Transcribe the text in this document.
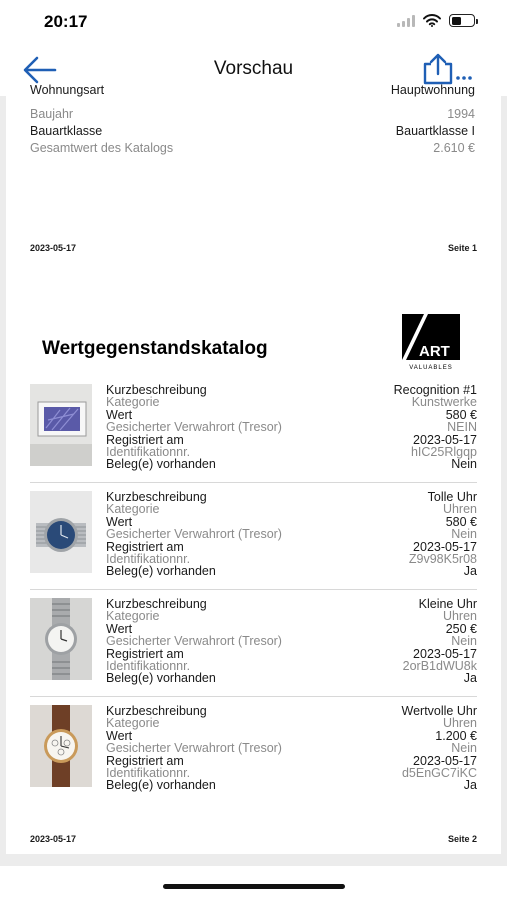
20:17
Vorschau
Wohnungsart	Hauptwohnung
Baujahr	1994
Bauartklasse	Bauartklasse I
Gesamtwert des Katalogs	2.610 €
2023-05-17	Seite 1
Wertgegenstandskatalog	ART
VALUABLES
Kurzbeschreibung	Recognition #1
Kategorie	Kunstwerke
Wert	580 €
Gesicherter Verwahrort (Tresor)	NEIN
Registriert am	2023-05-17
Identifikationnr.	hIC25Rlgqp
Beleg(e) vorhanden	Nein
Kurzbeschreibung	Tolle Uhr
Kategorie	Uhren
Wert	580 €
Gesicherter Verwahrort (Tresor)	Nein
Registriert am	2023-05-17
Identifikationnr.	Z9v98K5r08
Beleg(e) vorhanden	Ja
Kurzbeschreibung	Kleine Uhr
Kategorie	Uhren
Wert	250 €
Gesicherter Verwahrort (Tresor)	Nein
Registriert am	2023-05-17
Identifikationnr.	2orB1dWU8k
Beleg(e) vorhanden	Ja
Kurzbeschreibung	Wertvolle Uhr
Kategorie	Uhren
Wert	1.200 €
Gesicherter Verwahrort (Tresor)	Nein
Registriert am	2023-05-17
Identifikationnr.	d5EnGC7iKC
Beleg(e) vorhanden	Ja
2023-05-17	Seite 2
